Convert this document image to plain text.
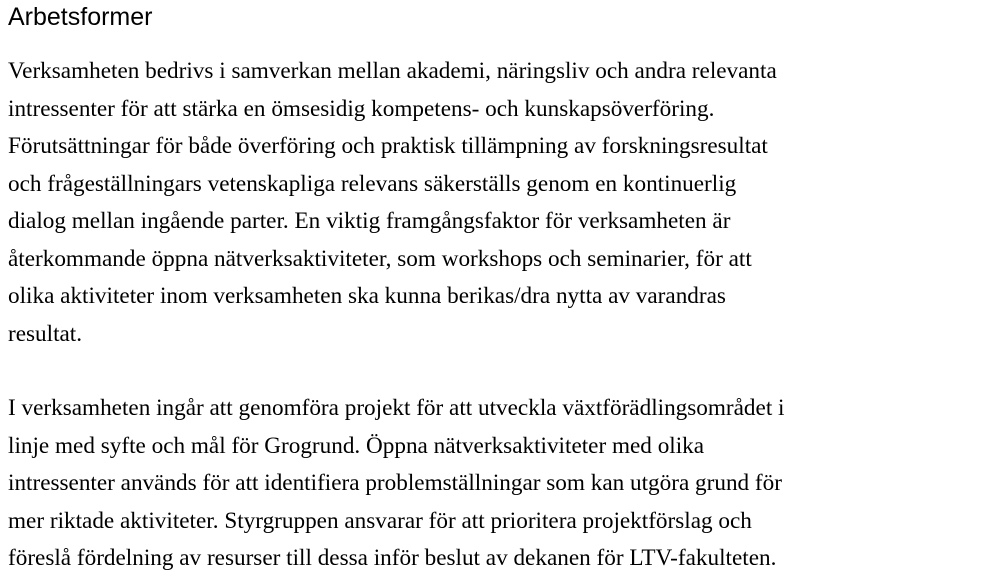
Arbetsformer
Verksamheten bedrivs i samverkan mellan akademi, näringsliv och andra relevanta
intressenter för att stärka en ömsesidig kompetens- och kunskapsöverföring.
Förutsättningar för både överföring och praktisk tillämpning av forskningsresultat
och frågeställningars vetenskapliga relevans säkerställs genom en kontinuerlig
dialog mellan ingående parter. En viktig framgångsfaktor för verksamheten är
återkommande öppna nätverksaktiviteter, som workshops och seminarier, för att
olika aktiviteter inom verksamheten ska kunna berikas/dra nytta av varandras
resultat.
I verksamheten ingår att genomföra projekt för att utveckla växtförädlingsområdet i
linje med syfte och mål för Grogrund. Öppna nätverksaktiviteter med olika
intressenter används för att identifiera problemställningar som kan utgöra grund för
mer riktade aktiviteter. Styrgruppen ansvarar för att prioritera projektförslag och
föreslå fördelning av resurser till dessa inför beslut av dekanen för LTV-fakulteten.
